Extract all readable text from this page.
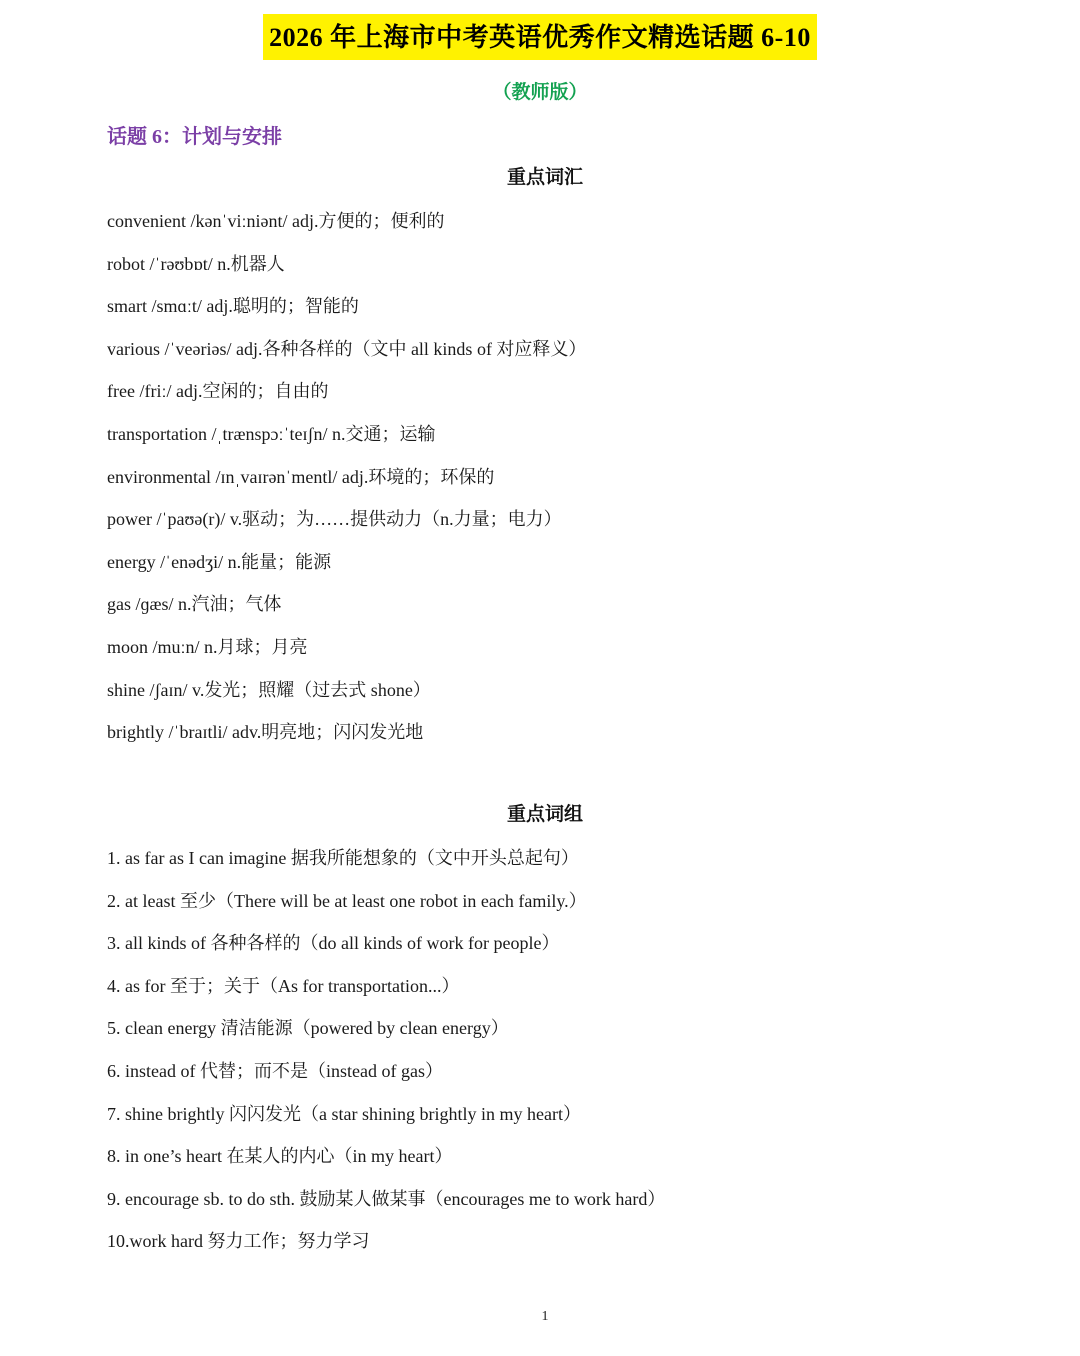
2026 年上海市中考英语优秀作文精选话题 6-10
（教师版）
话题 6：计划与安排
重点词汇
convenient /kənˈviːniənt/ adj.方便的；便利的
robot /ˈrəʊbɒt/ n.机器人
smart /smɑːt/ adj.聪明的；智能的
various /ˈveəriəs/ adj.各种各样的（文中 all kinds of 对应释义）
free /friː/ adj.空闲的；自由的
transportation /ˌtrænspɔːˈteɪʃn/ n.交通；运输
environmental /ɪnˌvaɪrənˈmentl/ adj.环境的；环保的
power /ˈpaʊə(r)/ v.驱动；为……提供动力（n.力量；电力）
energy /ˈenədʒi/ n.能量；能源
gas /ɡæs/ n.汽油；气体
moon /muːn/ n.月球；月亮
shine /ʃaɪn/ v.发光；照耀（过去式 shone）
brightly /ˈbraɪtli/ adv.明亮地；闪闪发光地
重点词组
1. as far as I can imagine 据我所能想象的（文中开头总起句）
2. at least 至少（There will be at least one robot in each family.）
3. all kinds of 各种各样的（do all kinds of work for people）
4. as for 至于；关于（As for transportation...）
5. clean energy 清洁能源（powered by clean energy）
6. instead of 代替；而不是（instead of gas）
7. shine brightly 闪闪发光（a star shining brightly in my heart）
8. in one’s heart 在某人的内心（in my heart）
9. encourage sb. to do sth. 鼓励某人做某事（encourages me to work hard）
10.work hard 努力工作；努力学习
1
